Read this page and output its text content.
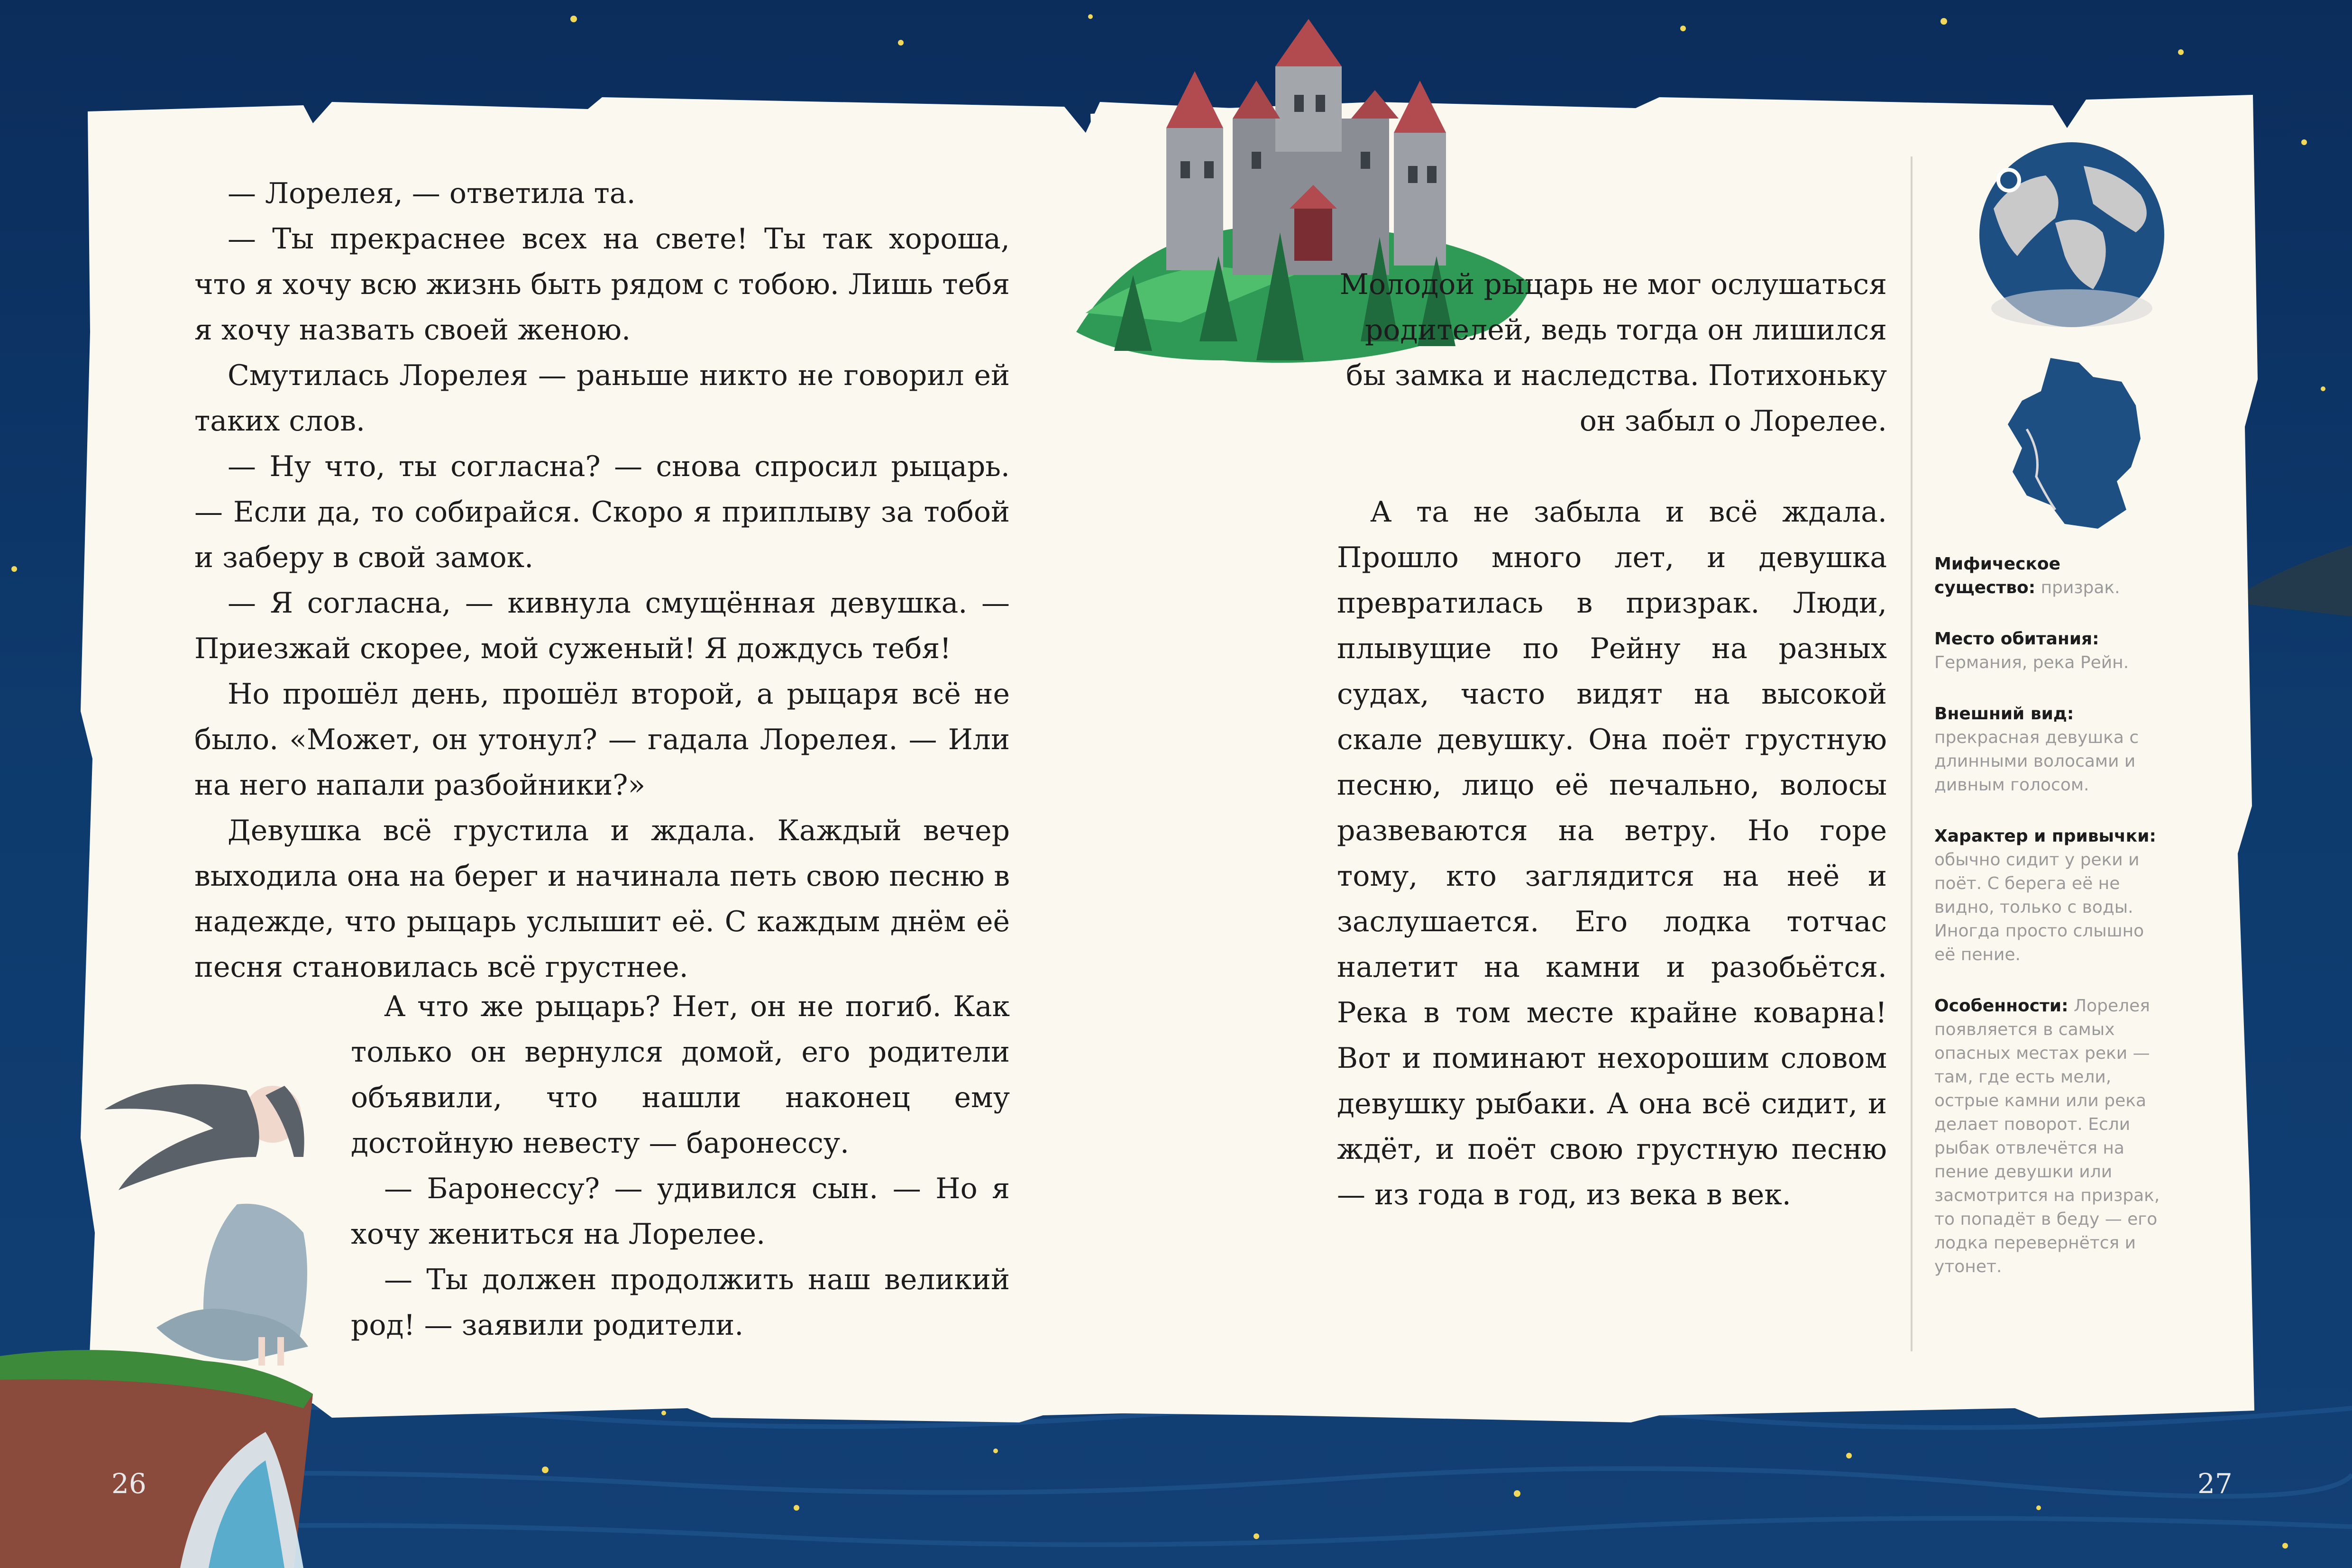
— Лорелея, — ответила та.

— Ты прекраснее всех на свете! Ты так хороша, что я хочу всю жизнь быть рядом с тобою. Лишь тебя я хочу назвать своей женою.

Смутилась Лорелея — раньше никто не говорил ей таких слов.

— Ну что, ты согласна? — снова спросил рыцарь. — Если да, то собирайся. Скоро я приплыву за тобой и заберу в свой замок.

— Я согласна, — кивнула смущённая девушка. — Приезжай скорее, мой суженый! Я дождусь тебя!

Но прошёл день, прошёл второй, а рыцаря всё не было. «Может, он утонул? — гадала Лорелея. — Или на него напали разбойники?»

Девушка всё грустила и ждала. Каждый вечер выходила она на берег и начинала петь свою песню в надежде, что рыцарь услышит её. С каждым днём её песня становилась всё грустнее.

А что же рыцарь? Нет, он не погиб. Как только он вернулся домой, его родители объявили, что нашли наконец ему достойную невесту — баронессу.

— Баронессу? — удивился сын. — Но я хочу жениться на Лорелее.

— Ты должен продолжить наш великий род! — заявили родители.

Молодой рыцарь не мог ослушаться родителей, ведь тогда он лишился бы замка и наследства. Потихоньку он забыл о Лорелее.

А та не забыла и всё ждала. Прошло много лет, и девушка превратилась в призрак. Люди, плывущие по Рейну на разных судах, часто видят на высокой скале девушку. Она поёт грустную песню, лицо её печально, волосы развеваются на ветру. Но горе тому, кто заглядится на неё и заслушается. Его лодка тотчас налетит на камни и разобьётся. Река в том месте крайне коварна! Вот и поминают нехорошим словом девушку рыбаки. А она всё сидит, и ждёт, и поёт свою грустную песню — из года в год, из века в век.

Мифическое существо: призрак.
Место обитания: Германия, река Рейн.
Внешний вид: прекрасная девушка с длинными волосами и дивным голосом.
Характер и привычки: обычно сидит у реки и поёт. С берега её не видно, только с воды. Иногда просто слышно её пение.
Особенности: Лорелея появляется в самых опасных местах реки — там, где есть мели, острые камни или река делает поворот. Если рыбак отвлечётся на пение девушки или засмотрится на призрак, то попадёт в беду — его лодка перевернётся и утонет.
26	27
